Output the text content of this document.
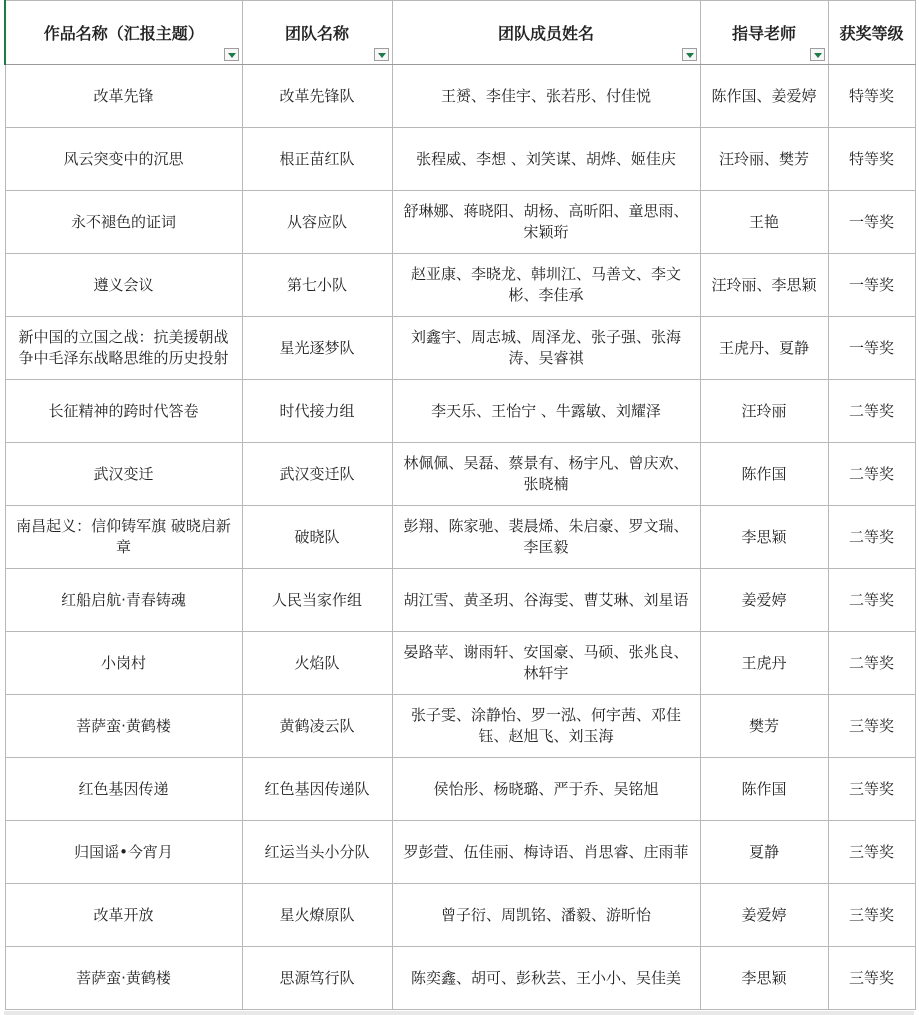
作品名称（汇报主题）	团队名称	团队成员姓名	指导老师	获奖等级
改革先锋	改革先锋队	王赟、李佳宇、张若彤、付佳悦	陈作国、姜爱婷	特等奖
风云突变中的沉思	根正苗红队	张程威、李想 、刘笑谋、胡烨、姬佳庆	汪玲丽、樊芳	特等奖
永不褪色的证词	从容应队	舒琳娜、蒋晓阳、胡杨、高昕阳、童思雨、宋颖珩	王艳	一等奖
遵义会议	第七小队	赵亚康、李晓龙、韩圳江、马善文、李文彬、李佳承	汪玲丽、李思颖	一等奖
新中国的立国之战：抗美援朝战争中毛泽东战略思维的历史投射	星光逐梦队	刘鑫宇、周志城、周泽龙、张子强、张海涛、吴睿祺	王虎丹、夏静	一等奖
长征精神的跨时代答卷	时代接力组	李天乐、王怡宁 、牛露敏、刘耀泽	汪玲丽	二等奖
武汉变迁	武汉变迁队	林佩佩、吴磊、蔡景有、杨宇凡、曾庆欢、张晓楠	陈作国	二等奖
南昌起义：信仰铸军旗 破晓启新章	破晓队	彭翔、陈家驰、裴晨烯、朱启豪、罗文瑞、李匡毅	李思颖	二等奖
红船启航·青春铸魂	人民当家作组	胡江雪、黄圣玥、谷海雯、曹艾琳、刘星语	姜爱婷	二等奖
小岗村	火焰队	晏路苹、谢雨轩、安国豪、马硕、张兆良、林轩宇	王虎丹	二等奖
菩萨蛮·黄鹤楼	黄鹤凌云队	张子雯、涂静怡、罗一泓、何宇茜、邓佳钰、赵旭飞、刘玉海	樊芳	三等奖
红色基因传递	红色基因传递队	侯怡彤、杨晓璐、严于乔、吴铭旭	陈作国	三等奖
归国谣•今宵月	红运当头小分队	罗彭萱、伍佳丽、梅诗语、肖思睿、庄雨菲	夏静	三等奖
改革开放	星火燎原队	曾子衍、周凯铭、潘毅、游昕怡	姜爱婷	三等奖
菩萨蛮·黄鹤楼	思源笃行队	陈奕鑫、胡可、彭秋芸、王小小、吴佳美	李思颖	三等奖
